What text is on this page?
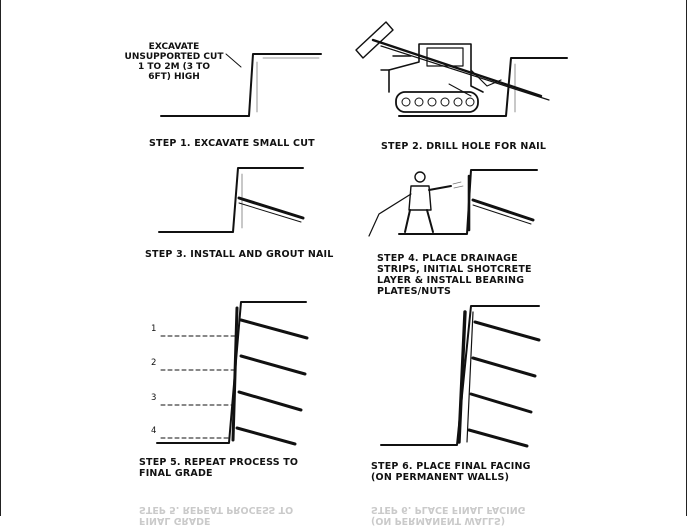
EXCAVATE
UNSUPPORTED CUT
1 TO 2M (3 TO
6FT) HIGH

1

2

3

4

STEP 1. EXCAVATE SMALL CUT	STEP 2. DRILL HOLE FOR NAIL

STEP 3. INSTALL AND GROUT NAIL	STEP 4. PLACE DRAINAGE
STRIPS, INITIAL SHOTCRETE
LAYER & INSTALL BEARING
PLATES/NUTS

STEP 5. REPEAT PROCESS TO
FINAL GRADE

STEP 6. PLACE FINAL FACING
(ON PERMANENT WALLS)

FINAL GRADE
STEP 5. REPEAT PROCESS TO

(ON PERMANENT WALLS)
STEP 6. PLACE FINAL FACING
